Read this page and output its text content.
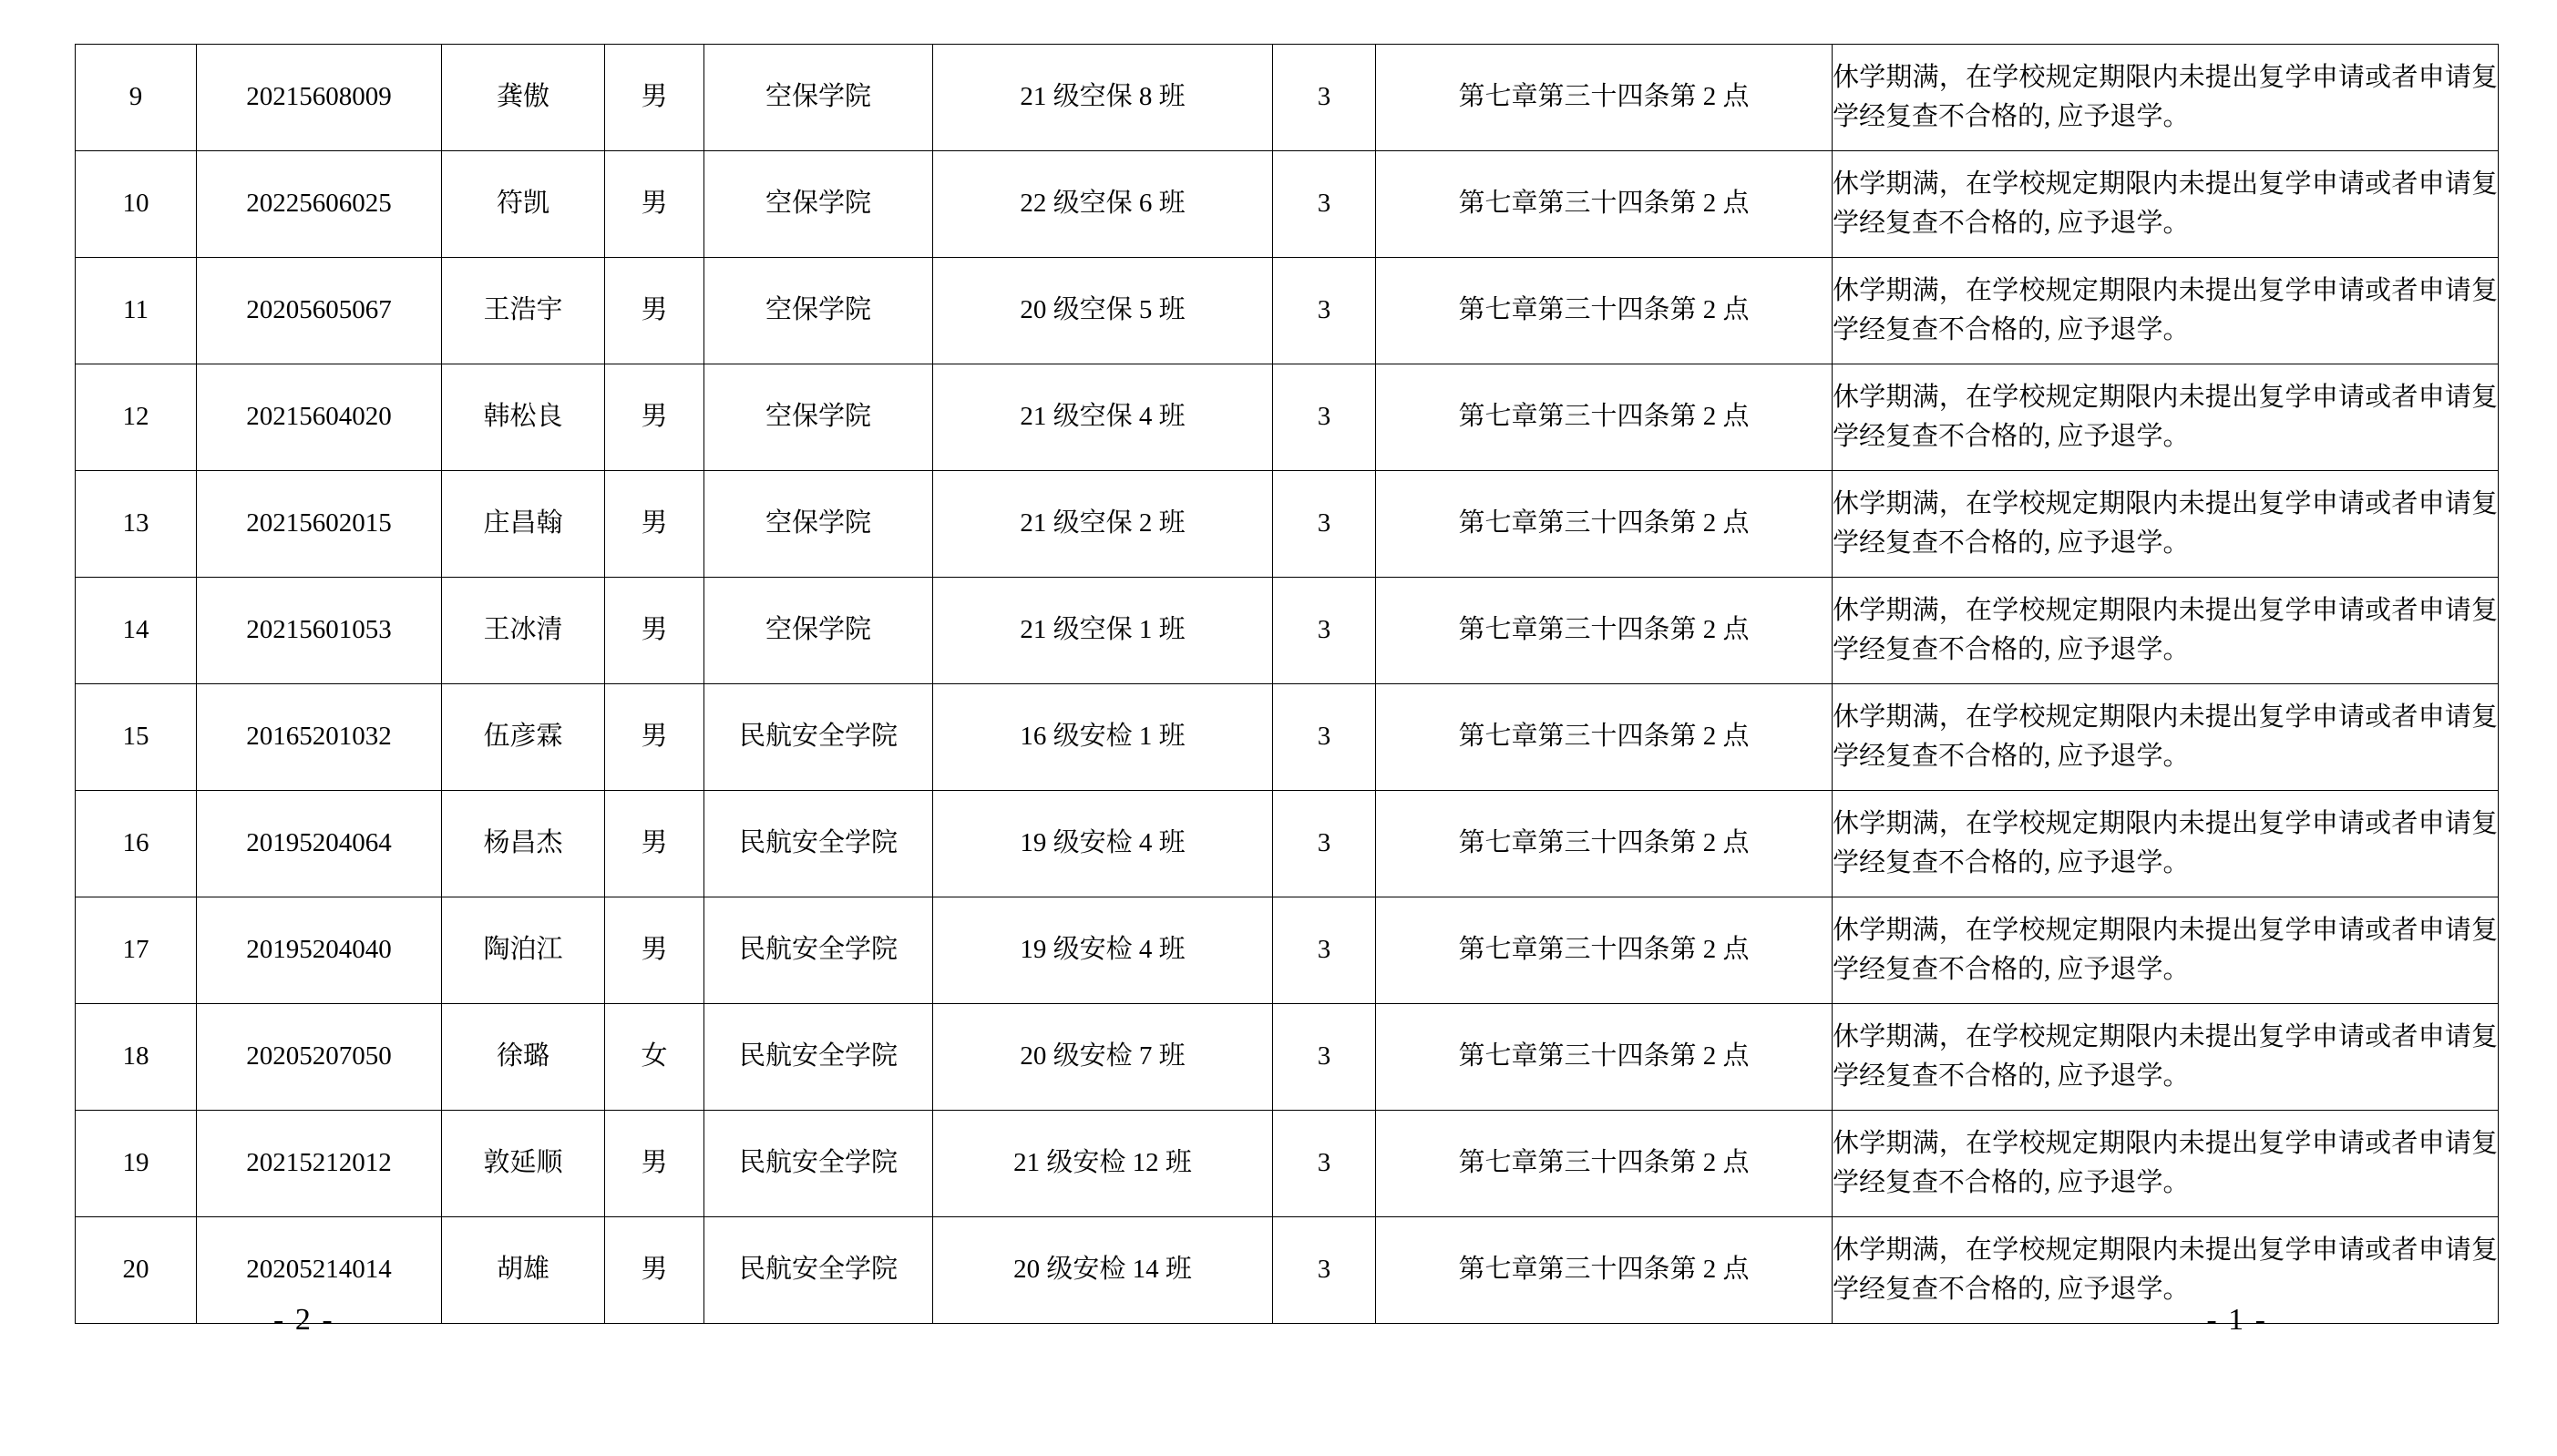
9	20215608009	龚傲	男	空保学院	21 级空保 8 班	3	第七章第三十四条第 2 点	休学期满，在学校规定期限内未提出复学申请或者申请复学经复查不合格的, 应予退学。

10	20225606025	符凯	男	空保学院	22 级空保 6 班	3	第七章第三十四条第 2 点	休学期满，在学校规定期限内未提出复学申请或者申请复学经复查不合格的, 应予退学。

11	20205605067	王浩宇	男	空保学院	20 级空保 5 班	3	第七章第三十四条第 2 点	休学期满，在学校规定期限内未提出复学申请或者申请复学经复查不合格的, 应予退学。

12	20215604020	韩松良	男	空保学院	21 级空保 4 班	3	第七章第三十四条第 2 点	休学期满，在学校规定期限内未提出复学申请或者申请复学经复查不合格的, 应予退学。

13	20215602015	庄昌翰	男	空保学院	21 级空保 2 班	3	第七章第三十四条第 2 点	休学期满，在学校规定期限内未提出复学申请或者申请复学经复查不合格的, 应予退学。

14	20215601053	王冰清	男	空保学院	21 级空保 1 班	3	第七章第三十四条第 2 点	休学期满，在学校规定期限内未提出复学申请或者申请复学经复查不合格的, 应予退学。

15	20165201032	伍彦霖	男	民航安全学院	16 级安检 1 班	3	第七章第三十四条第 2 点	休学期满，在学校规定期限内未提出复学申请或者申请复学经复查不合格的, 应予退学。

16	20195204064	杨昌杰	男	民航安全学院	19 级安检 4 班	3	第七章第三十四条第 2 点	休学期满，在学校规定期限内未提出复学申请或者申请复学经复查不合格的, 应予退学。

17	20195204040	陶泊江	男	民航安全学院	19 级安检 4 班	3	第七章第三十四条第 2 点	休学期满，在学校规定期限内未提出复学申请或者申请复学经复查不合格的, 应予退学。

18	20205207050	徐璐	女	民航安全学院	20 级安检 7 班	3	第七章第三十四条第 2 点	休学期满，在学校规定期限内未提出复学申请或者申请复学经复查不合格的, 应予退学。

19	20215212012	敦延顺	男	民航安全学院	21 级安检 12 班	3	第七章第三十四条第 2 点	休学期满，在学校规定期限内未提出复学申请或者申请复学经复查不合格的, 应予退学。

20	20205214014	胡雄	男	民航安全学院	20 级安检 14 班	3	第七章第三十四条第 2 点	休学期满，在学校规定期限内未提出复学申请或者申请复学经复查不合格的, 应予退学。
- 2 -	- 1 -
